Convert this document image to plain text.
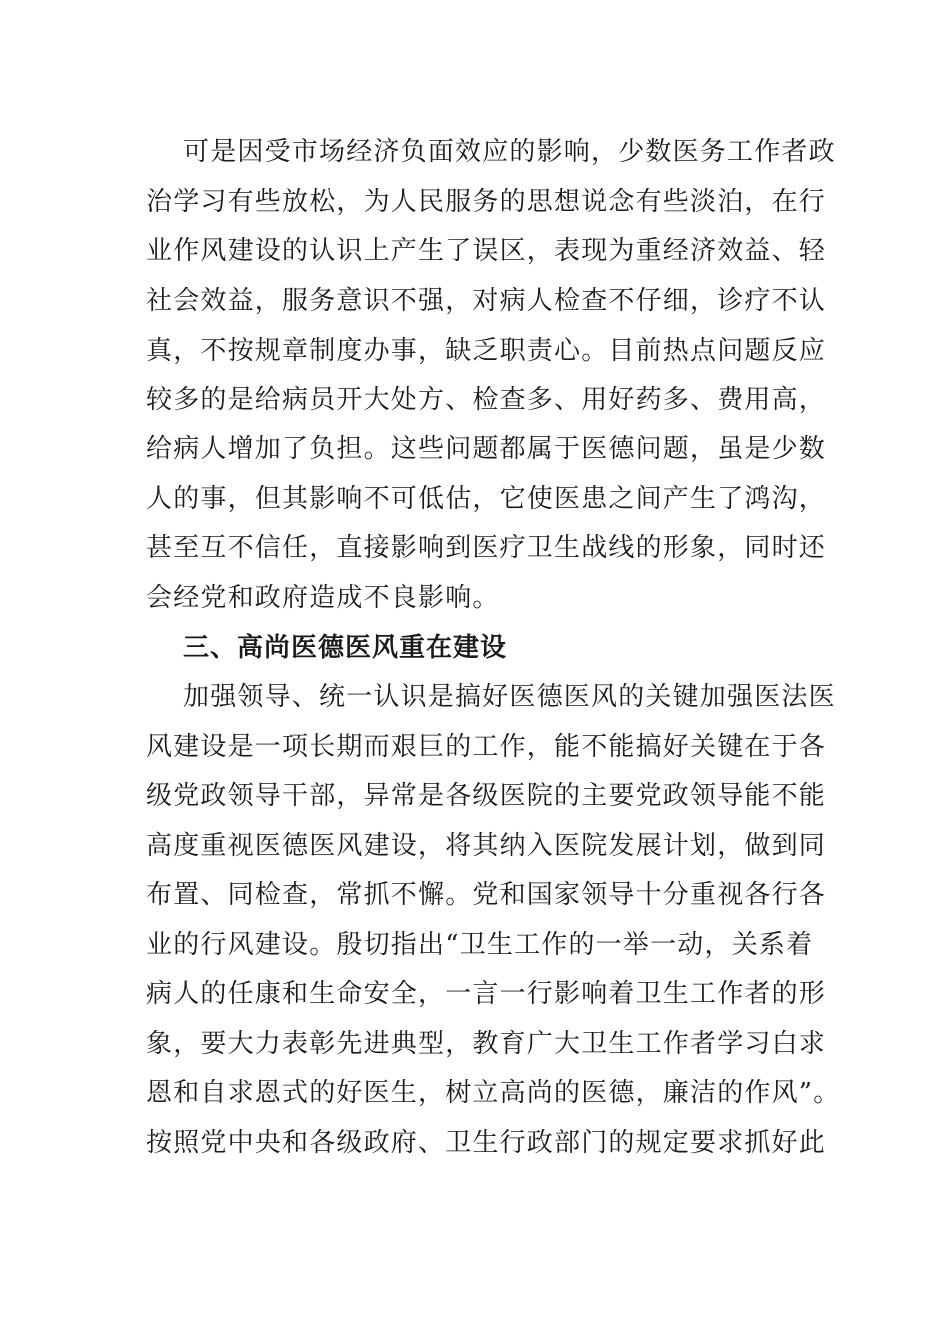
可是因受市场经济负面效应的影响，少数医务工作者政
治学习有些放松，为人民服务的思想说念有些淡泊，在行
业作风建设的认识上产生了误区，表现为重经济效益、轻
社会效益，服务意识不强，对病人检查不仔细，诊疗不认
真，不按规章制度办事，缺乏职责心。目前热点问题反应
较多的是给病员开大处方、检查多、用好药多、费用高，
给病人增加了负担。这些问题都属于医德问题，虽是少数
人的事，但其影响不可低估，它使医患之间产生了鸿沟，
甚至互不信任，直接影响到医疗卫生战线的形象，同时还
会经党和政府造成不良影响。
三、高尚医德医风重在建设
加强领导、统一认识是搞好医德医风的关键加强医法医
风建设是一项长期而艰巨的工作，能不能搞好关键在于各
级党政领导干部，异常是各级医院的主要党政领导能不能
高度重视医德医风建设，将其纳入医院发展计划，做到同
布置、同检查，常抓不懈。党和国家领导十分重视各行各
业的行风建设。殷切指出“卫生工作的一举一动，关系着
病人的任康和生命安全，一言一行影响着卫生工作者的形
象，要大力表彰先进典型，教育广大卫生工作者学习白求
恩和自求恩式的好医生，树立高尚的医德，廉洁的作风”。
按照党中央和各级政府、卫生行政部门的规定要求抓好此
